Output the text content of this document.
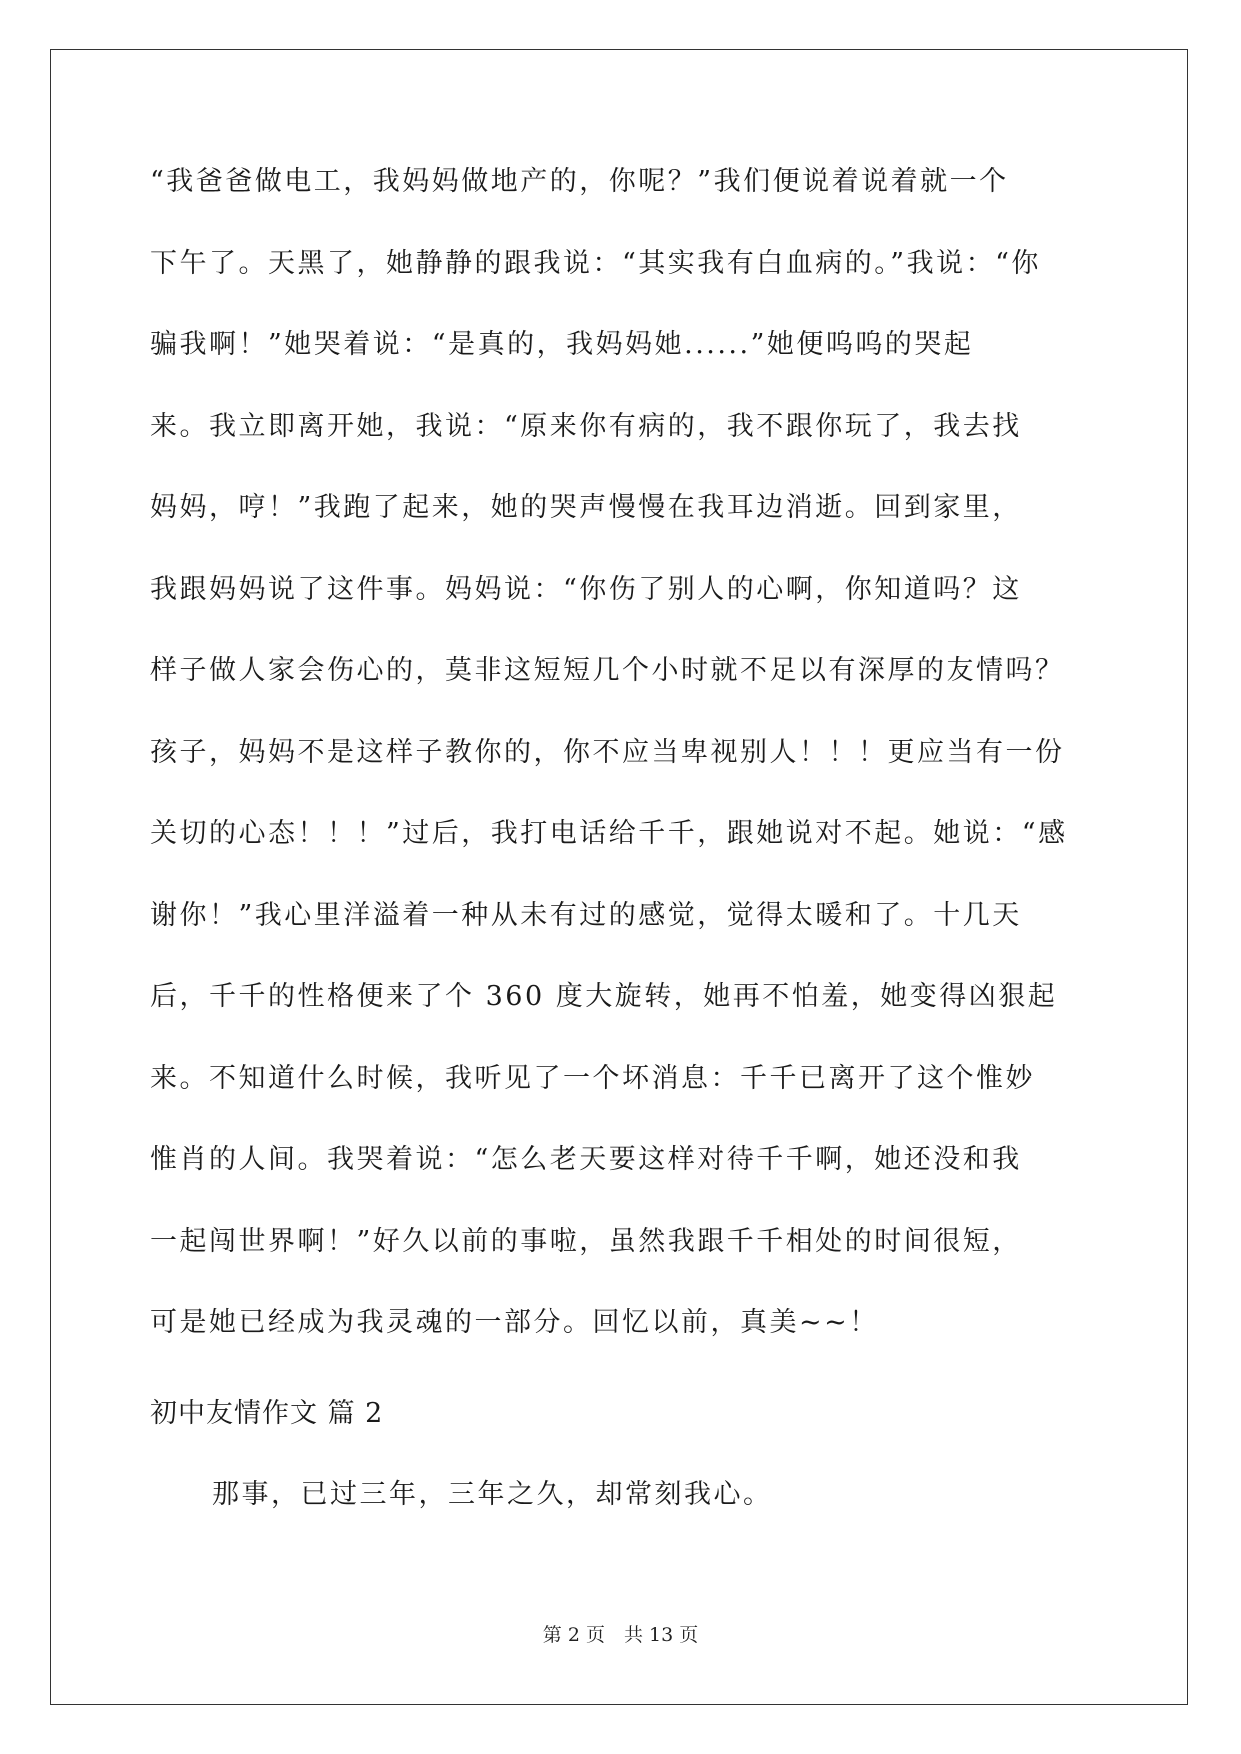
“我爸爸做电工，我妈妈做地产的，你呢？”我们便说着说着就一个
下午了。天黑了，她静静的跟我说：“其实我有白血病的。”我说：“你
骗我啊！”她哭着说：“是真的，我妈妈她......”她便呜呜的哭起
来。我立即离开她，我说：“原来你有病的，我不跟你玩了，我去找
妈妈，哼！”我跑了起来，她的哭声慢慢在我耳边消逝。回到家里，
我跟妈妈说了这件事。妈妈说：“你伤了别人的心啊，你知道吗？这
样子做人家会伤心的，莫非这短短几个小时就不足以有深厚的友情吗？
孩子，妈妈不是这样子教你的，你不应当卑视别人！！！更应当有一份
关切的心态！！！”过后，我打电话给千千，跟她说对不起。她说：“感
谢你！”我心里洋溢着一种从未有过的感觉，觉得太暖和了。十几天
后，千千的性格便来了个 360 度大旋转，她再不怕羞，她变得凶狠起
来。不知道什么时候，我听见了一个坏消息：千千已离开了这个惟妙
惟肖的人间。我哭着说：“怎么老天要这样对待千千啊，她还没和我
一起闯世界啊！”好久以前的事啦，虽然我跟千千相处的时间很短，
可是她已经成为我灵魂的一部分。回忆以前，真美~~！
初中友情作文 篇 2

那事，已过三年，三年之久，却常刻我心。

第 2 页　共 13 页
